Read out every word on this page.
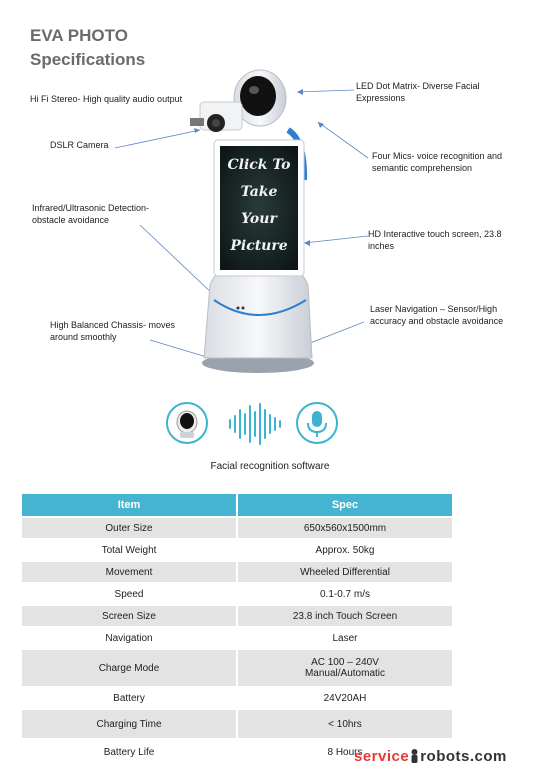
EVA PHOTO
Specifications
Hi Fi Stereo- High quality audio output
LED Dot Matrix- Diverse Facial Expressions
DSLR Camera
Four Mics- voice recognition and semantic comprehension
Infrared/Ultrasonic Detection- obstacle avoidance
HD Interactive touch screen, 23.8 inches
High Balanced Chassis- moves around smoothly
Laser Navigation – Sensor/High accuracy and obstacle avoidance
Click To
Take
Your
Picture
Facial recognition software
Item	Spec
Outer Size	650x560x1500mm
Total Weight	Approx. 50kg
Movement	Wheeled Differential
Speed	0.1-0.7 m/s
Screen Size	23.8 inch Touch Screen
Navigation	Laser
Charge Mode	AC 100 – 240V
Manual/Automatic
Battery	24V20AH
Charging Time	< 10hrs
Battery Life	8 Hours
service robots.com
